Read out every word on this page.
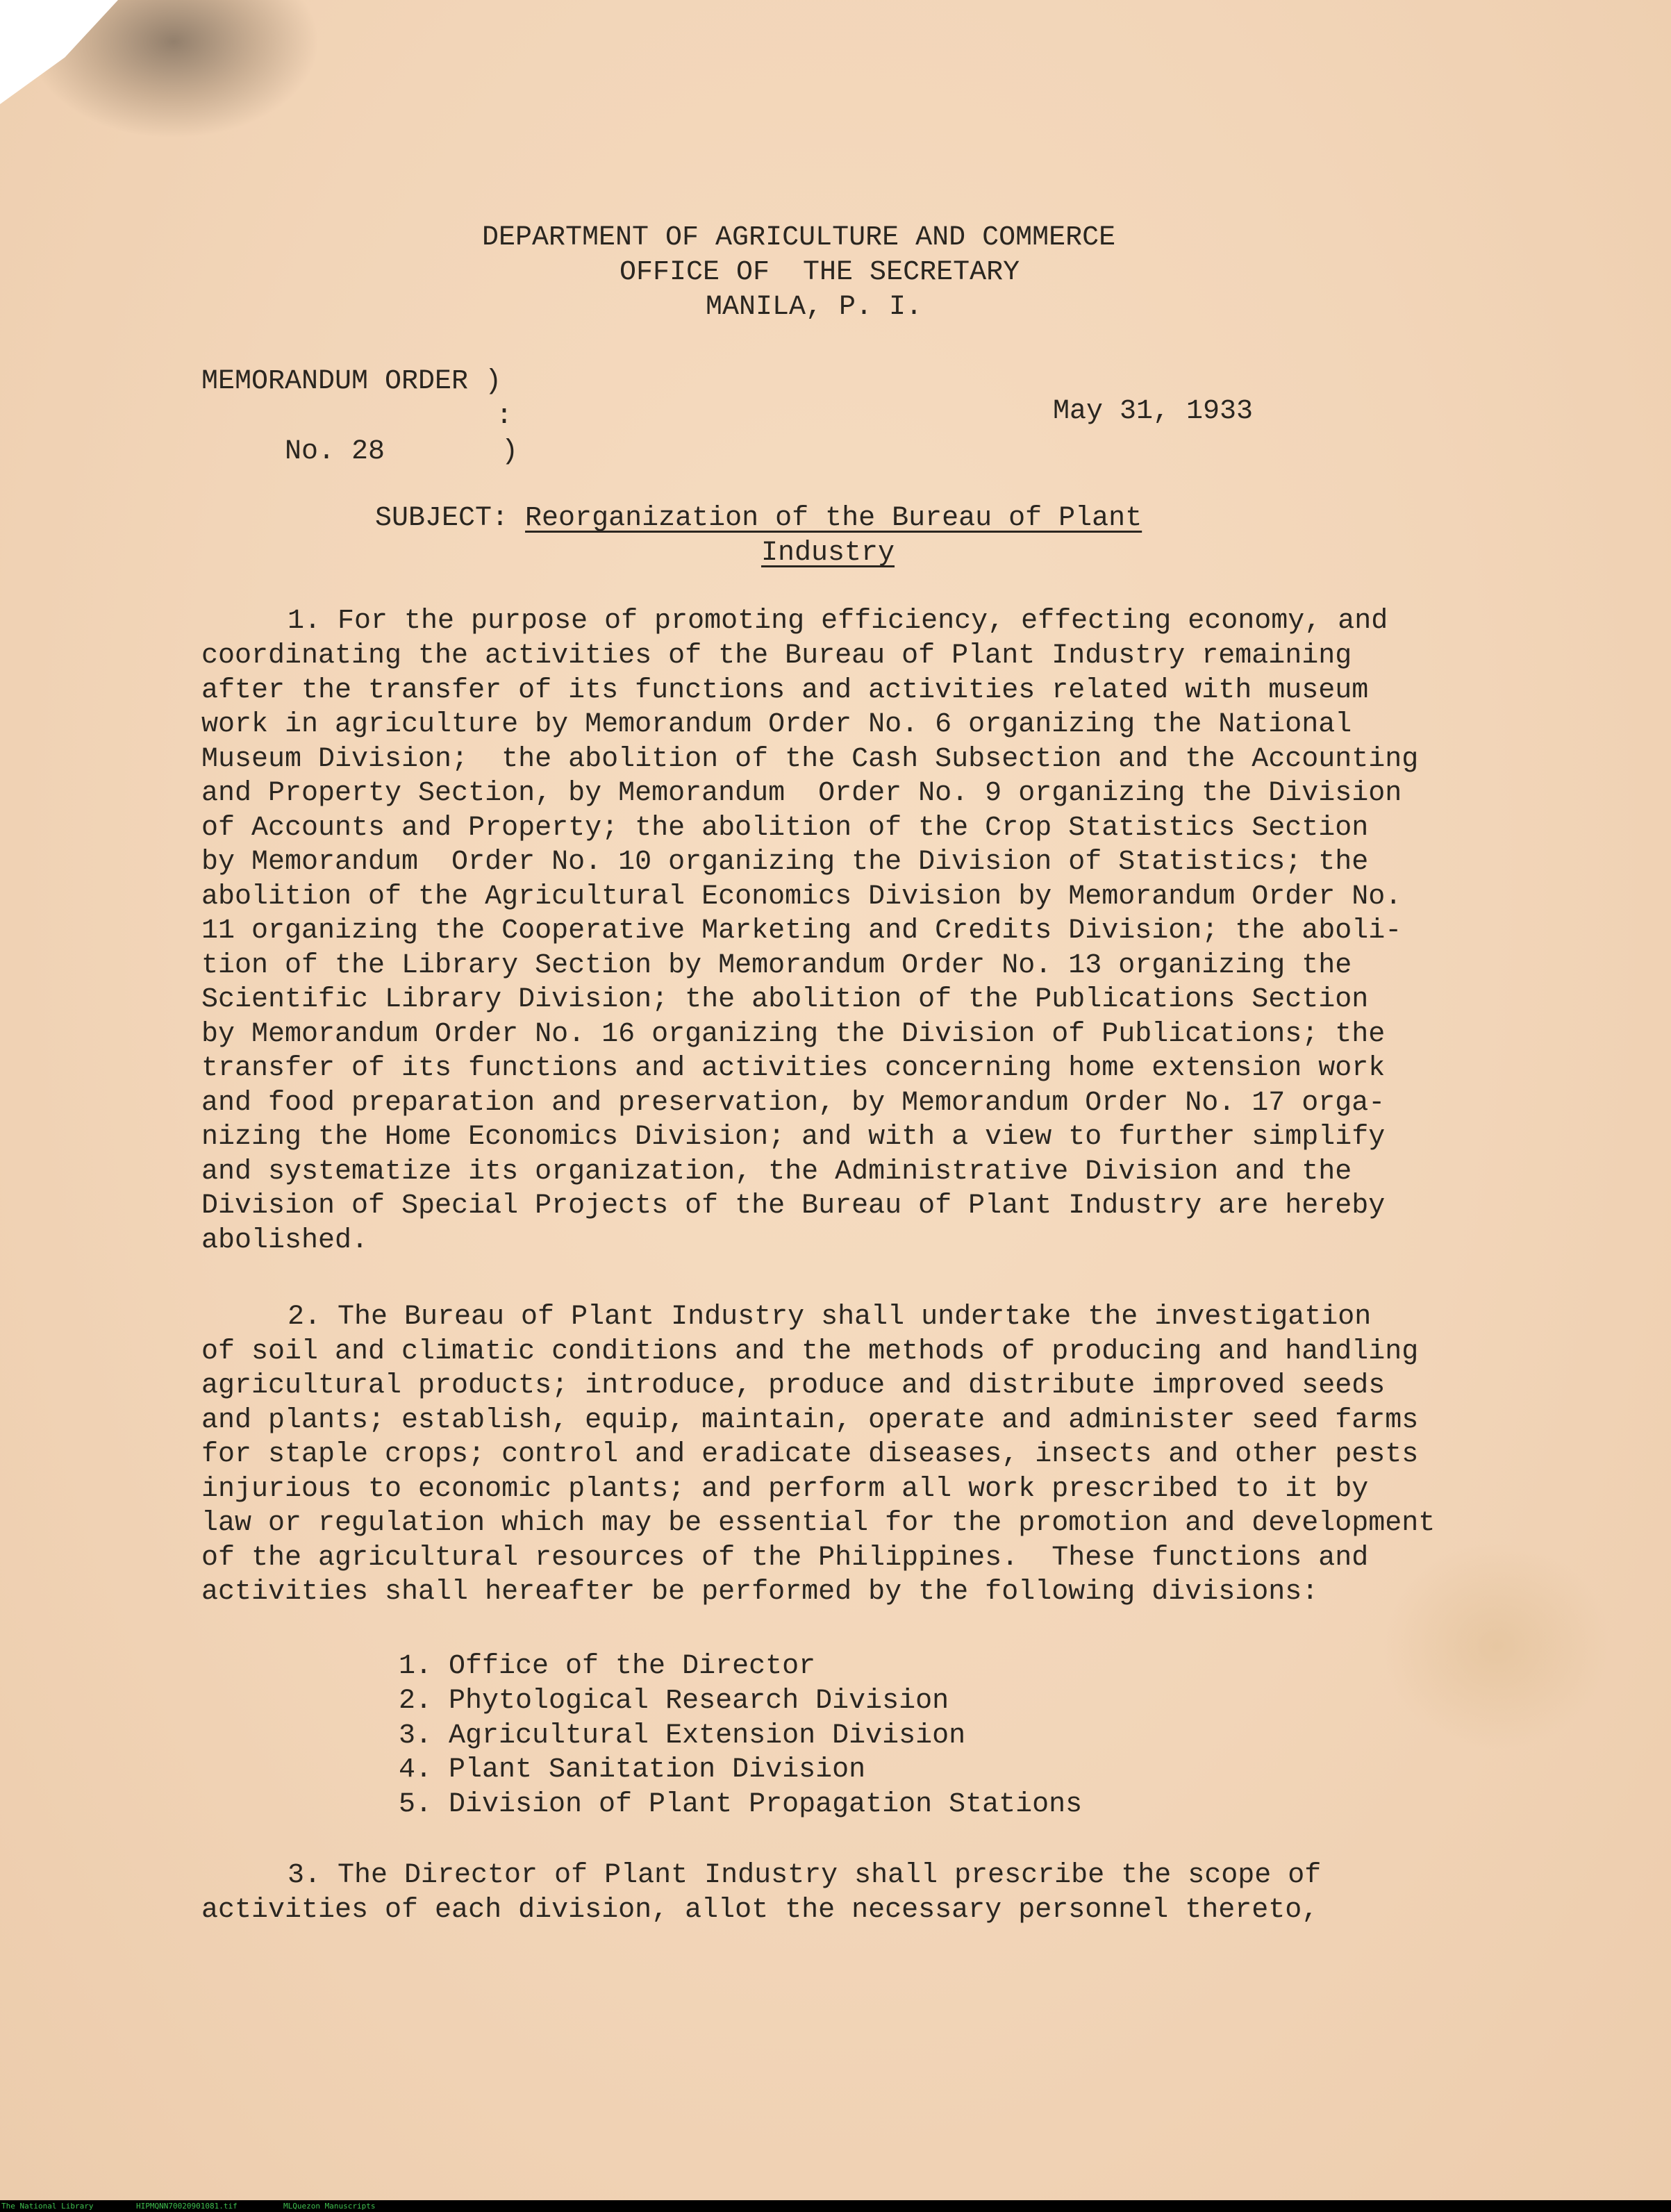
DEPARTMENT OF AGRICULTURE AND COMMERCE
OFFICE OF  THE SECRETARY
MANILA, P. I.
MEMORANDUM ORDER )
:
No. 28       )
May 31, 1933
SUBJECT: Reorganization of the Bureau of Plant
Industry
1. For the purpose of promoting efficiency, effecting economy, and
coordinating the activities of the Bureau of Plant Industry remaining
after the transfer of its functions and activities related with museum
work in agriculture by Memorandum Order No. 6 organizing the National
Museum Division;  the abolition of the Cash Subsection and the Accounting
and Property Section, by Memorandum  Order No. 9 organizing the Division
of Accounts and Property; the abolition of the Crop Statistics Section
by Memorandum  Order No. 10 organizing the Division of Statistics; the
abolition of the Agricultural Economics Division by Memorandum Order No.
11 organizing the Cooperative Marketing and Credits Division; the aboli-
tion of the Library Section by Memorandum Order No. 13 organizing the
Scientific Library Division; the abolition of the Publications Section
by Memorandum Order No. 16 organizing the Division of Publications; the
transfer of its functions and activities concerning home extension work
and food preparation and preservation, by Memorandum Order No. 17 orga-
nizing the Home Economics Division; and with a view to further simplify
and systematize its organization, the Administrative Division and the
Division of Special Projects of the Bureau of Plant Industry are hereby
abolished.
2. The Bureau of Plant Industry shall undertake the investigation
of soil and climatic conditions and the methods of producing and handling
agricultural products; introduce, produce and distribute improved seeds
and plants; establish, equip, maintain, operate and administer seed farms
for staple crops; control and eradicate diseases, insects and other pests
injurious to economic plants; and perform all work prescribed to it by
law or regulation which may be essential for the promotion and development
of the agricultural resources of the Philippines.  These functions and
activities shall hereafter be performed by the following divisions:
1. Office of the Director
2. Phytological Research Division
3. Agricultural Extension Division
4. Plant Sanitation Division
5. Division of Plant Propagation Stations
3. The Director of Plant Industry shall prescribe the scope of
activities of each division, allot the necessary personnel thereto,
The National Library	HIPMQNN70020901081.tif	MLQuezon Manuscripts
